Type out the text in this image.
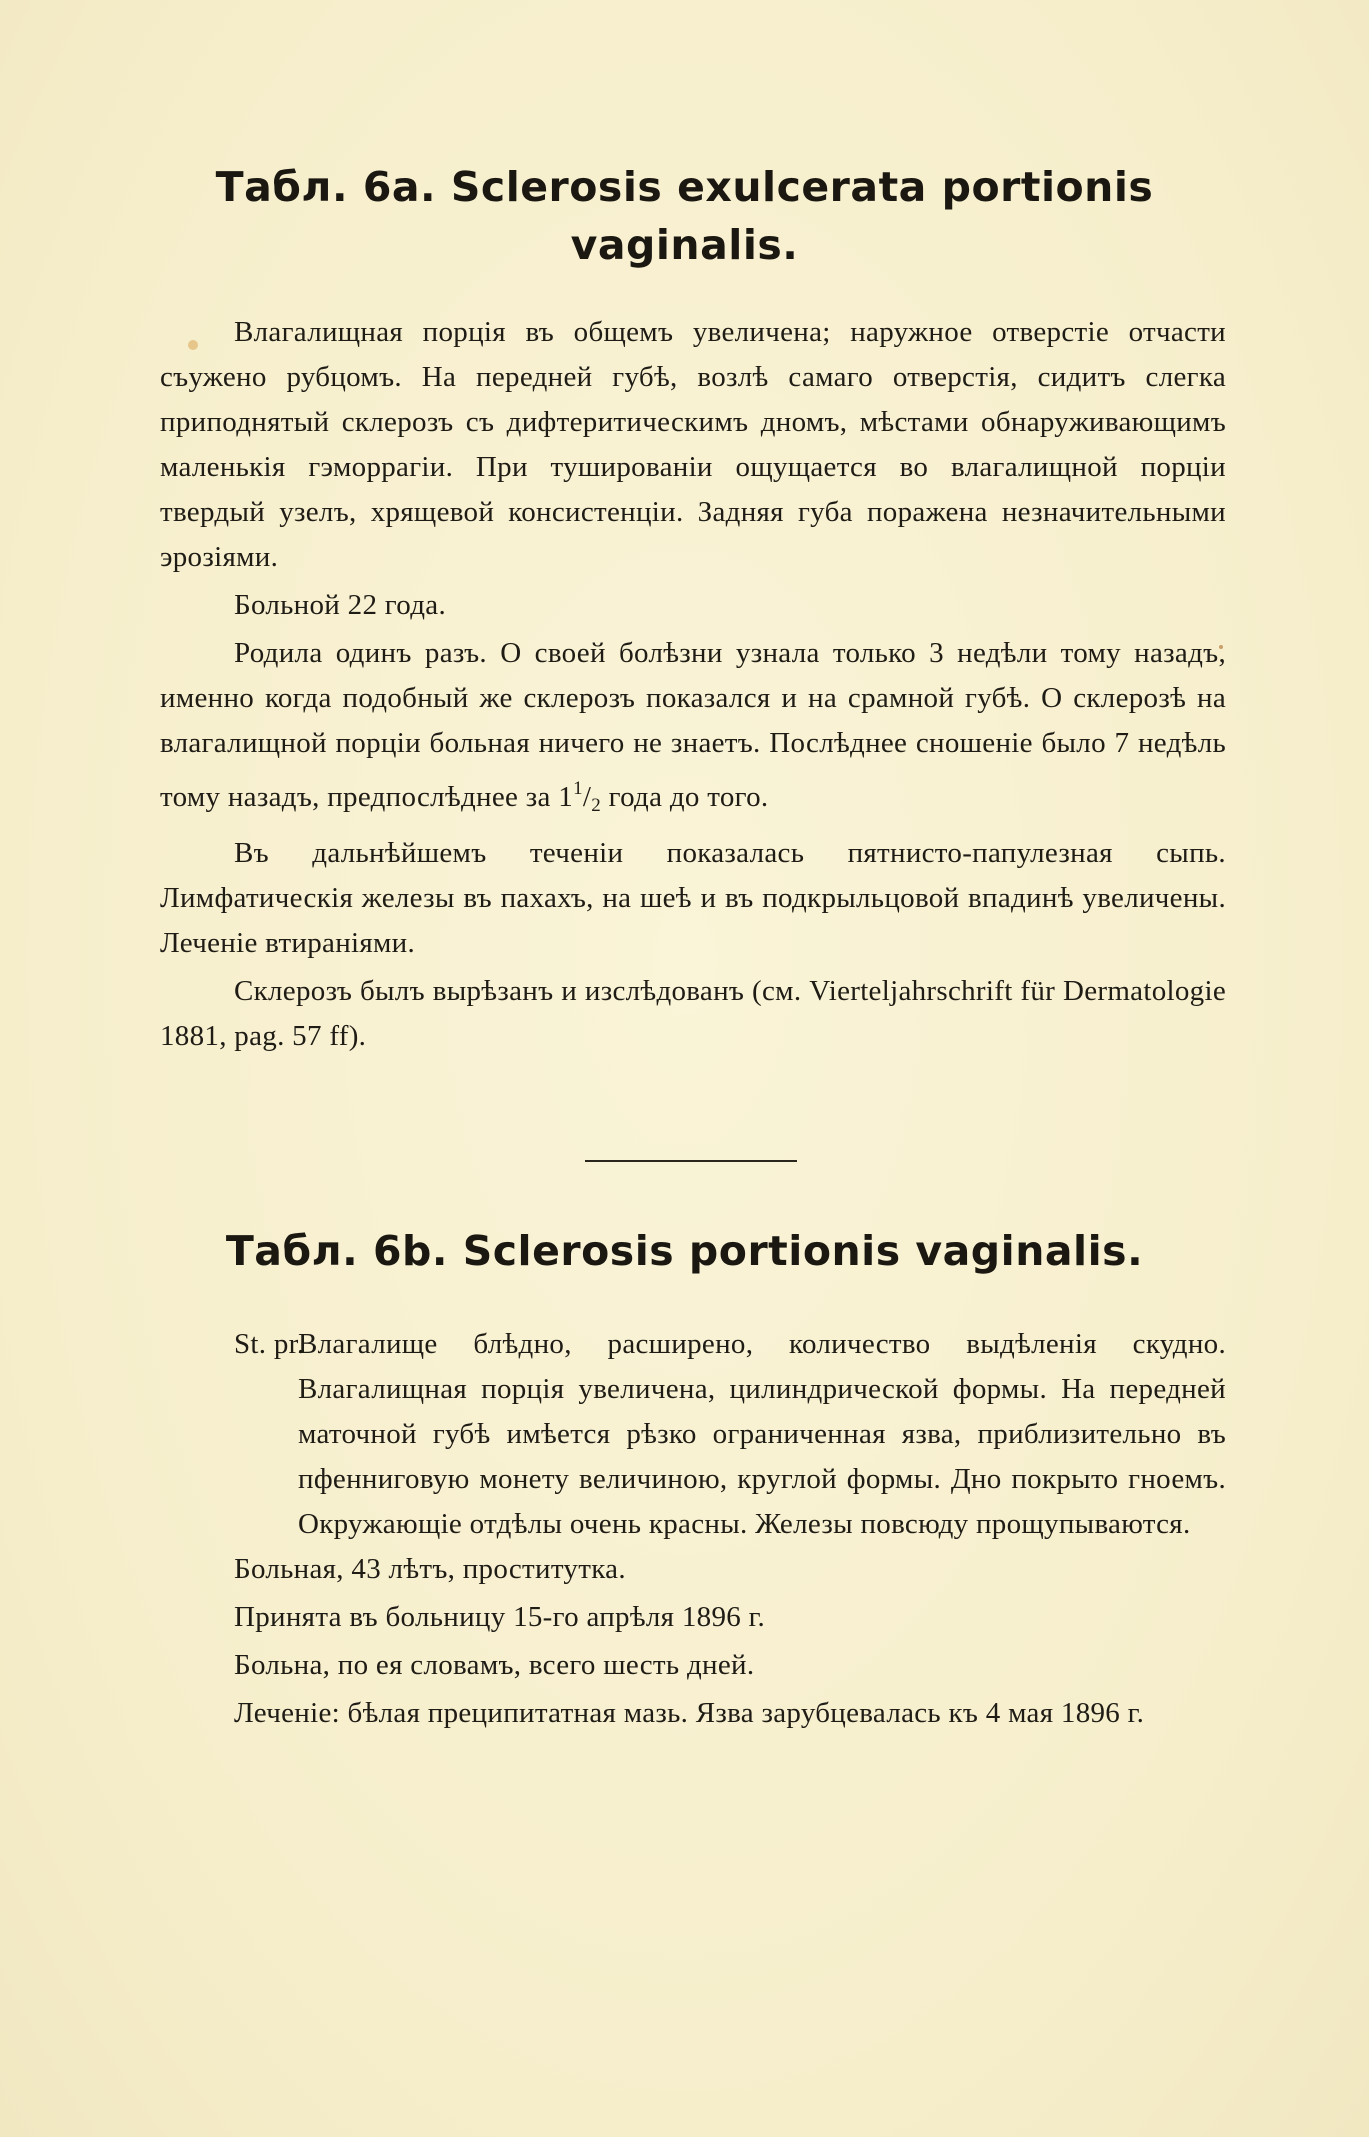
Табл. 6a. Sclerosis exulcerata portionis vaginalis.

Влагалищная порція въ общемъ увеличена; наружное отверстіе отчасти съужено рубцомъ. На передней губѣ, возлѣ самаго отверстія, сидитъ слегка приподнятый склерозъ съ дифтеритическимъ дномъ, мѣстами обнаруживающимъ маленькія гэморрагіи. При тушированіи ощущается во влагалищной порціи твердый узелъ, хрящевой консистенціи. Задняя губа поражена незначительными эрозіями.

Больной 22 года.

Родила одинъ разъ. О своей болѣзни узнала только 3 недѣли тому назадъ, именно когда подобный же склерозъ показался и на срамной губѣ. О склерозѣ на влагалищной порціи больная ничего не знаетъ. Послѣднее сношеніе было 7 недѣль тому назадъ, предпослѣднее за $1^1/_2$ года до того.

Въ дальнѣйшемъ теченіи показалась пятнисто-папулезная сыпь. Лимфатическія железы въ пахахъ, на шеѣ и въ подкрыльцовой впадинѣ увеличены. Леченіе втираніями.

Склерозъ былъ вырѣзанъ и изслѣдованъ (см. Vierteljahrschrift für Dermatologie 1881, pag. 57 ff).

Табл. 6b. Sclerosis portionis vaginalis.
St. pr.
Влагалище блѣдно, расширено, количество выдѣленія скудно. Влагалищная порція увеличена, цилиндрической формы. На передней маточной губѣ имѣется рѣзко ограниченная язва, приблизительно въ пфенниговую монету величиною, круглой формы. Дно покрыто гноемъ. Окружающіе отдѣлы очень красны. Железы повсюду прощупываются.

Больная, 43 лѣтъ, проститутка.

Принята въ больницу 15-го апрѣля 1896 г.

Больна, по ея словамъ, всего шесть дней.

Леченіе: бѣлая преципитатная мазь. Язва зарубцевалась къ 4 мая 1896 г.
